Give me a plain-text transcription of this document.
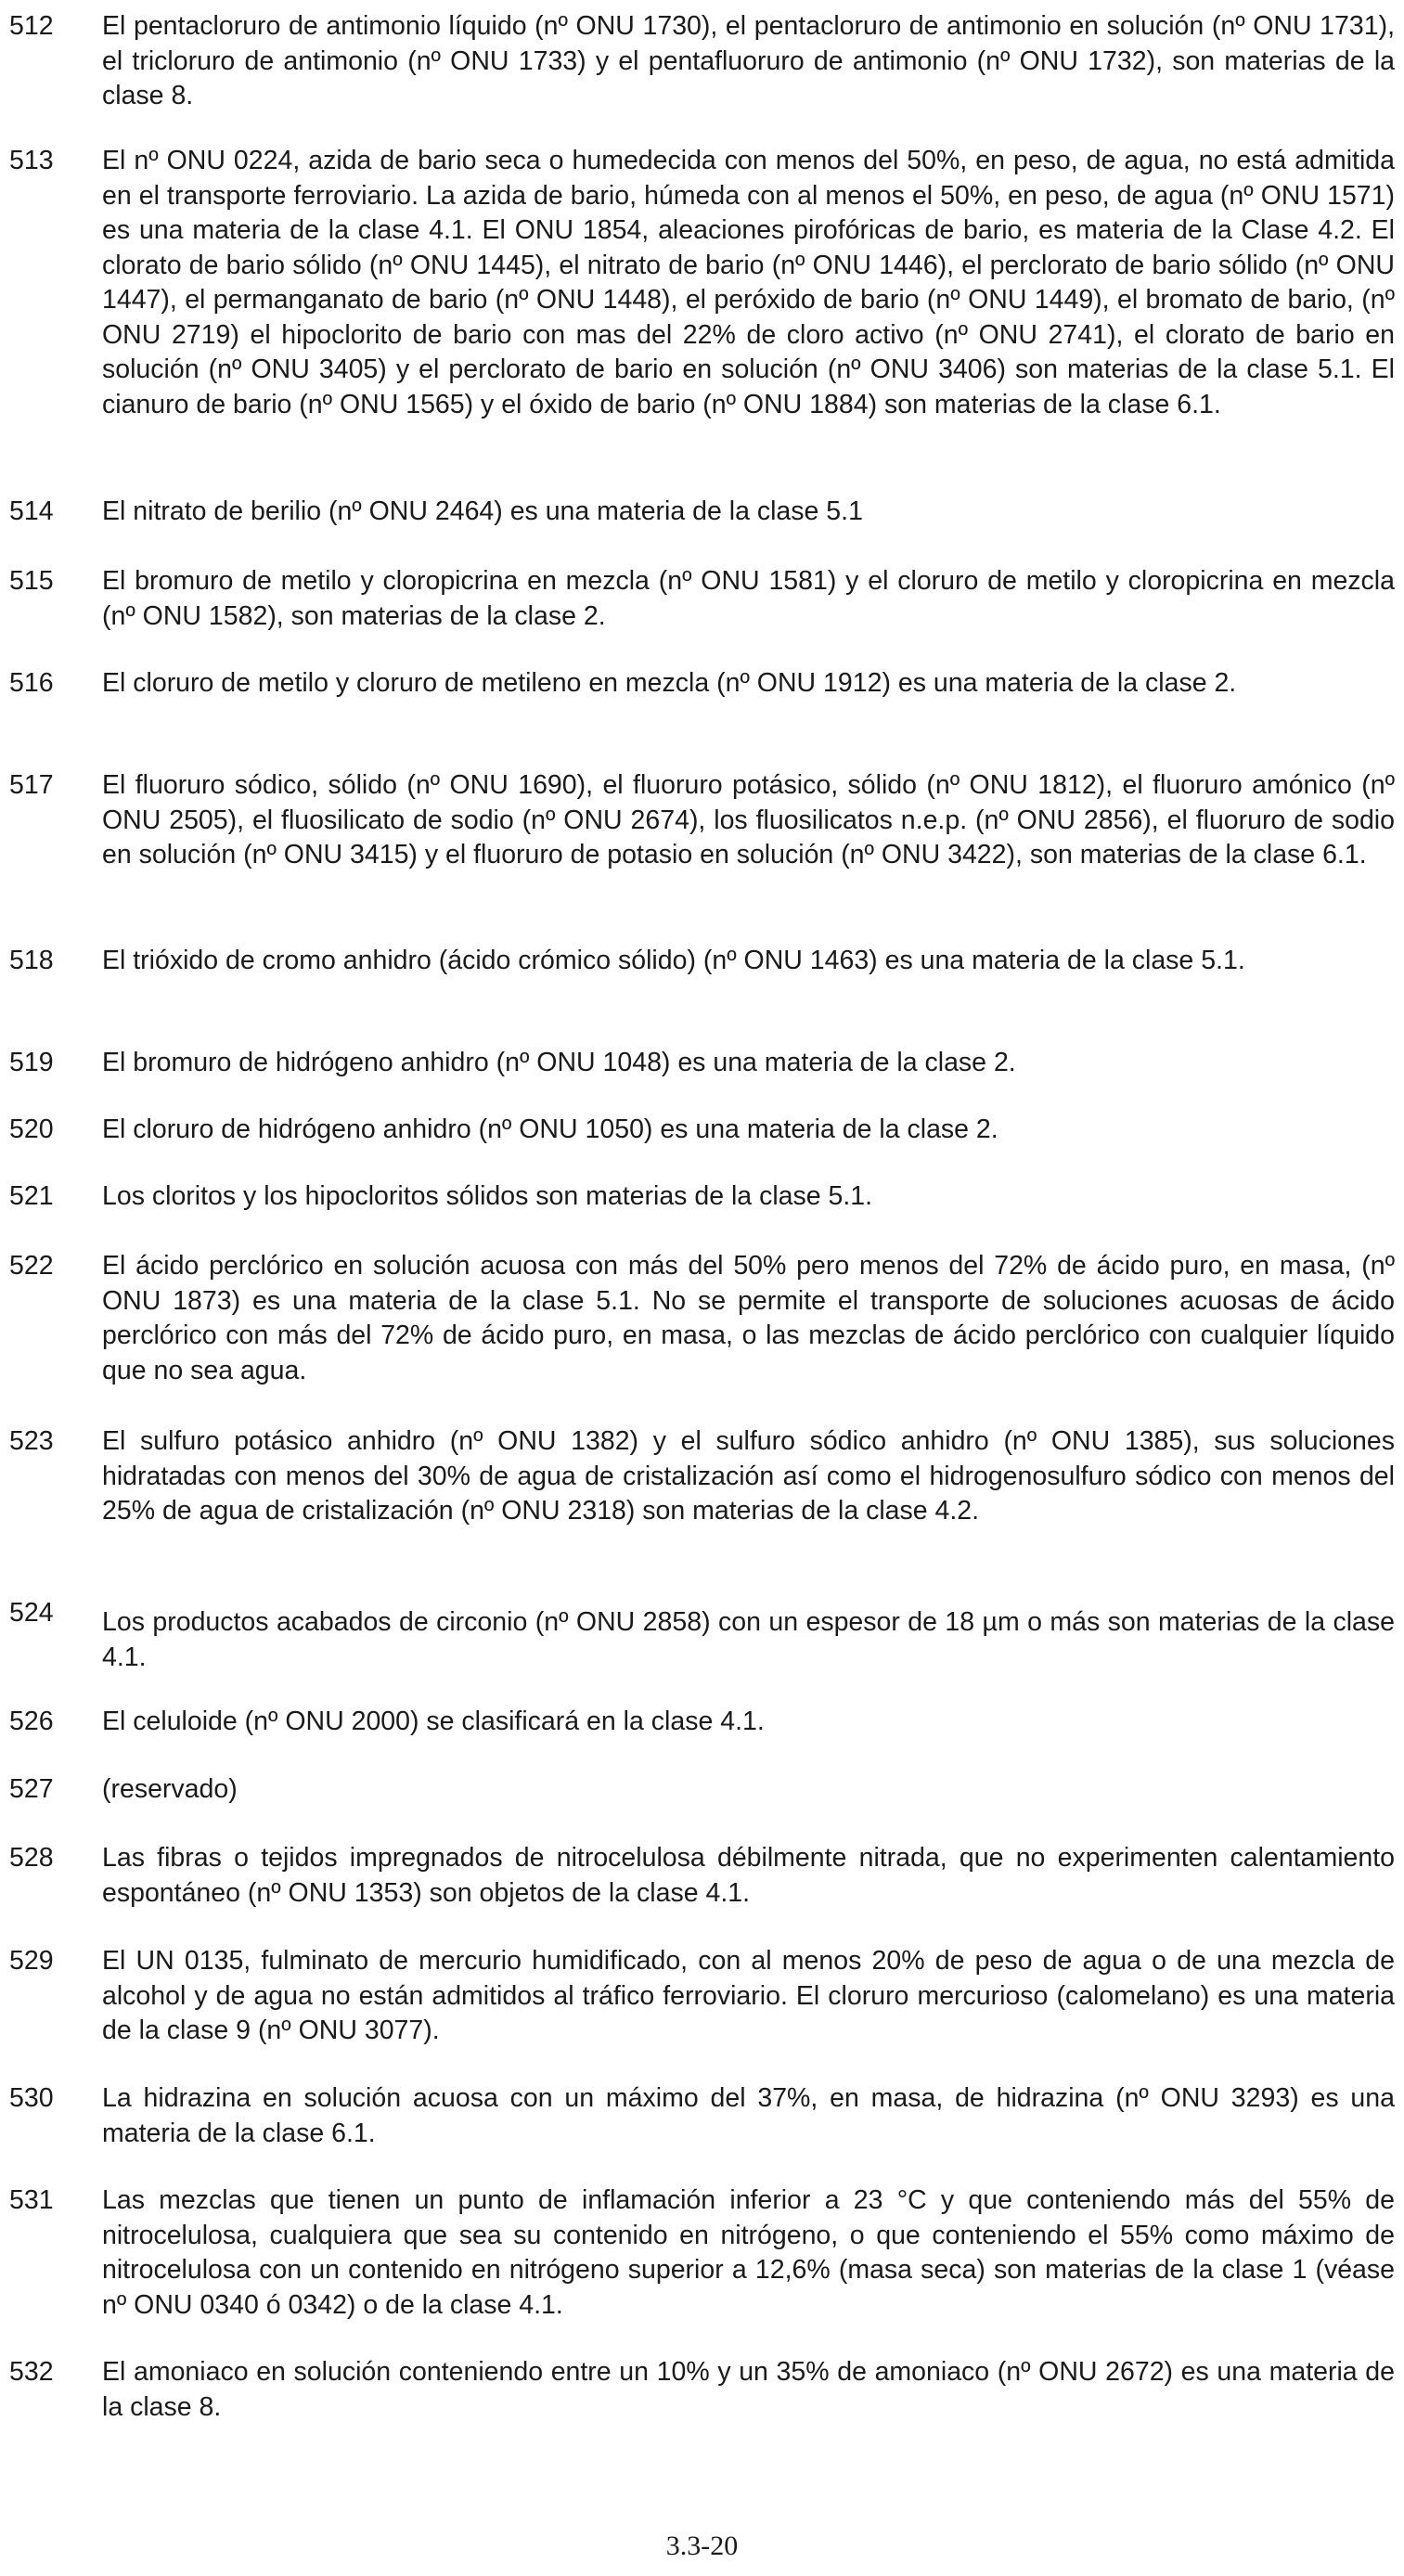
512	El pentacloruro de antimonio líquido (nº ONU 1730), el pentacloruro de antimonio en solución (nº ONU 1731), el tricloruro de antimonio (nº ONU 1733) y el pentafluoruro de antimonio (nº ONU 1732), son materias de la clase 8.
513	El nº ONU 0224, azida de bario seca o humedecida con menos del 50%, en peso, de agua, no está admitida en el transporte ferroviario. La azida de bario, húmeda con al menos el 50%, en peso, de agua (nº ONU 1571) es una materia de la clase 4.1. El ONU 1854, aleaciones pirofóricas de bario, es materia de la Clase 4.2. El clorato de bario sólido (nº ONU 1445), el nitrato de bario (nº ONU 1446), el perclorato de bario sólido (nº ONU 1447), el permanganato de bario (nº ONU 1448), el peróxido de bario (nº ONU 1449), el bromato de bario, (nº ONU 2719) el hipoclorito de bario con mas del 22% de cloro activo (nº ONU 2741), el clorato de bario en solución (nº ONU 3405) y el perclorato de bario en solución (nº ONU 3406) son materias de la clase 5.1. El cianuro de bario (nº ONU 1565) y el óxido de bario (nº ONU 1884) son materias de la clase 6.1.
514	El nitrato de berilio (nº ONU 2464) es una materia de la clase 5.1
515	El bromuro de metilo y cloropicrina en mezcla (nº ONU 1581) y el cloruro de metilo y cloropicrina en mezcla (nº ONU 1582), son materias de la clase 2.
516	El cloruro de metilo y cloruro de metileno en mezcla (nº ONU 1912) es una materia de la clase 2.
517	El fluoruro sódico, sólido (nº ONU 1690), el fluoruro potásico, sólido (nº ONU 1812), el fluoruro amónico (nº ONU 2505), el fluosilicato de sodio (nº ONU 2674), los fluosilicatos n.e.p. (nº ONU 2856), el fluoruro de sodio en solución (nº ONU 3415) y el fluoruro de potasio en solución (nº ONU 3422), son materias de la clase 6.1.
518	El trióxido de cromo anhidro (ácido crómico sólido) (nº ONU 1463) es una materia de la clase 5.1.
519	El bromuro de hidrógeno anhidro (nº ONU 1048) es una materia de la clase 2.
520	El cloruro de hidrógeno anhidro (nº ONU 1050) es una materia de la clase 2.
521	Los cloritos y los hipocloritos sólidos son materias de la clase 5.1.
522	El ácido perclórico en solución acuosa con más del 50% pero menos del 72% de ácido puro, en masa, (nº ONU 1873) es una materia de la clase 5.1. No se permite el transporte de soluciones acuosas de ácido perclórico con más del 72% de ácido puro, en masa, o las mezclas de ácido perclórico con cualquier líquido que no sea agua.
523	El sulfuro potásico anhidro (nº ONU 1382) y el sulfuro sódico anhidro (nº ONU 1385), sus soluciones hidratadas con menos del 30% de agua de cristalización así como el hidrogenosulfuro sódico con menos del 25% de agua de cristalización (nº ONU 2318) son materias de la clase 4.2.
524	Los productos acabados de circonio (nº ONU 2858) con un espesor de 18 µm o más son materias de la clase 4.1.
526	El celuloide (nº ONU 2000) se clasificará en la clase 4.1.
527	(reservado)
528	Las fibras o tejidos impregnados de nitrocelulosa débilmente nitrada, que no experimenten calentamiento espontáneo (nº ONU 1353) son objetos de la clase 4.1.
529	El UN 0135, fulminato de mercurio humidificado, con al menos 20% de peso de agua o de una mezcla de alcohol y de agua no están admitidos al tráfico ferroviario. El cloruro mercurioso (calomelano) es una materia de la clase 9 (nº ONU 3077).
530	La hidrazina en solución acuosa con un máximo del 37%, en masa, de hidrazina (nº ONU 3293) es una materia de la clase 6.1.
531	Las mezclas que tienen un punto de inflamación inferior a 23 °C y que conteniendo más del 55% de nitrocelulosa, cualquiera que sea su contenido en nitrógeno, o que conteniendo el 55% como máximo de nitrocelulosa con un contenido en nitrógeno superior a 12,6% (masa seca) son materias de la clase 1 (véase nº ONU 0340 ó 0342) o de la clase 4.1.
532	El amoniaco en solución conteniendo entre un 10% y un 35% de amoniaco (nº ONU 2672) es una materia de la clase 8.
3.3-20
